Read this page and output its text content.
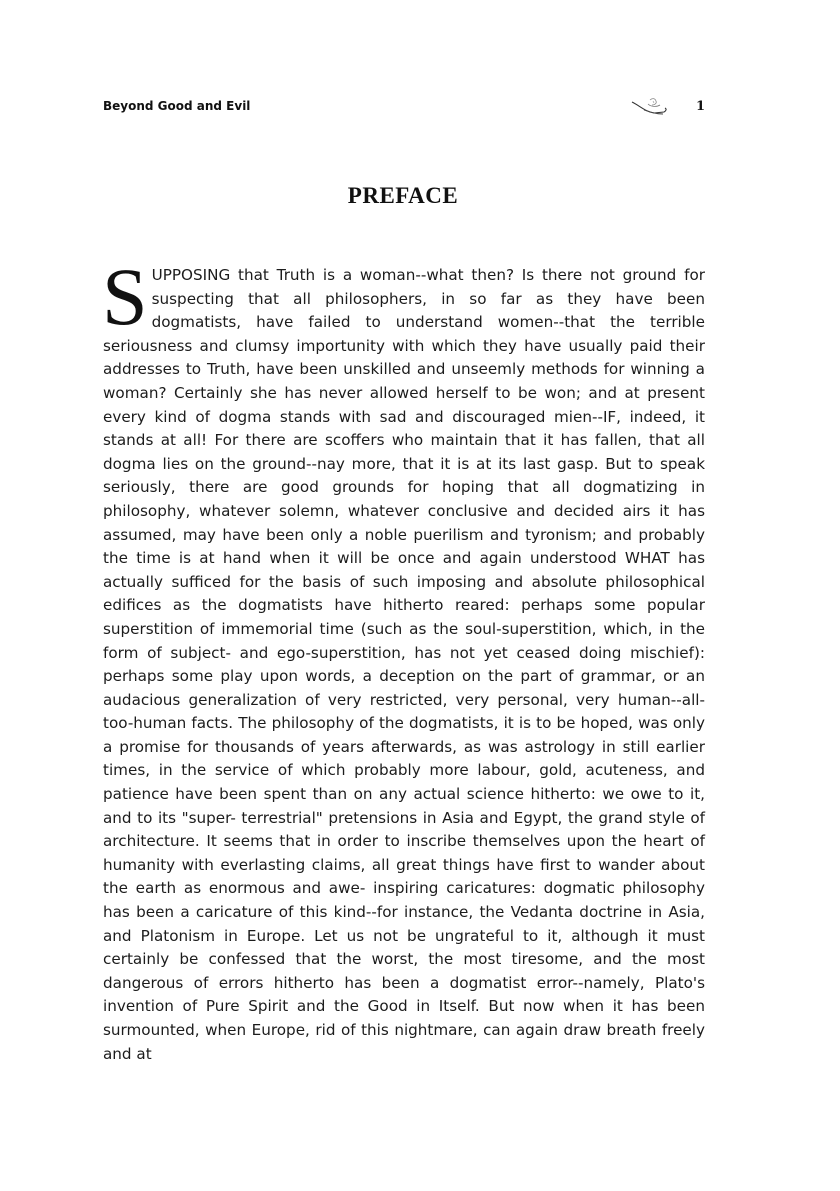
Beyond Good and Evil	1
PREFACE
S UPPOSING that Truth is a woman--what then? Is there not ground for suspecting that all philosophers, in so far as they have been dogmatists, have failed to understand women--that the terrible seriousness and clumsy importunity with which they have usually paid their addresses to Truth, have been unskilled and unseemly methods for winning a woman? Certainly she has never allowed herself to be won; and at present every kind of dogma stands with sad and discouraged mien--IF, indeed, it stands at all! For there are scoffers who maintain that it has fallen, that all dogma lies on the ground--nay more, that it is at its last gasp. But to speak seriously, there are good grounds for hoping that all dogmatizing in philosophy, whatever solemn, whatever conclusive and decided airs it has assumed, may have been only a noble puerilism and tyronism; and probably the time is at hand when it will be once and again understood WHAT has actually sufficed for the basis of such imposing and absolute philosophical edifices as the dogmatists have hitherto reared: perhaps some popular superstition of immemorial time (such as the soul-superstition, which, in the form of subject- and ego-superstition, has not yet ceased doing mischief): perhaps some play upon words, a deception on the part of grammar, or an audacious generalization of very restricted, very personal, very human--all-too-human facts. The philosophy of the dogmatists, it is to be hoped, was only a promise for thousands of years afterwards, as was astrology in still earlier times, in the service of which probably more labour, gold, acuteness, and patience have been spent than on any actual science hitherto: we owe to it, and to its "super- terrestrial" pretensions in Asia and Egypt, the grand style of architecture. It seems that in order to inscribe themselves upon the heart of humanity with everlasting claims, all great things have first to wander about the earth as enormous and awe- inspiring caricatures: dogmatic philosophy has been a caricature of this kind--for instance, the Vedanta doctrine in Asia, and Platonism in Europe. Let us not be ungrateful to it, although it must certainly be confessed that the worst, the most tiresome, and the most dangerous of errors hitherto has been a dogmatist error--namely, Plato's invention of Pure Spirit and the Good in Itself. But now when it has been surmounted, when Europe, rid of this nightmare, can again draw breath freely and at
